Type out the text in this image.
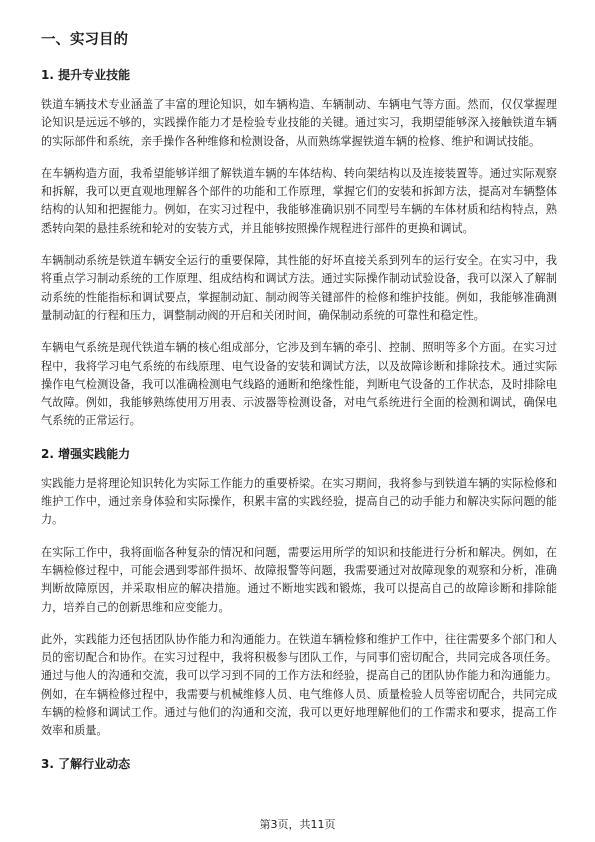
一、实习目的
1. 提升专业技能

铁道车辆技术专业涵盖了丰富的理论知识，如车辆构造、车辆制动、车辆电气等方面。然而，仅仅掌握理论知识是远远不够的，实践操作能力才是检验专业技能的关键。通过实习，我期望能够深入接触铁道车辆的实际部件和系统，亲手操作各种维修和检测设备，从而熟练掌握铁道车辆的检修、维护和调试技能。

在车辆构造方面，我希望能够详细了解铁道车辆的车体结构、转向架结构以及连接装置等。通过实际观察和拆解，我可以更直观地理解各个部件的功能和工作原理，掌握它们的安装和拆卸方法，提高对车辆整体结构的认知和把握能力。例如，在实习过程中，我能够准确识别不同型号车辆的车体材质和结构特点，熟悉转向架的悬挂系统和轮对的安装方式，并且能够按照操作规程进行部件的更换和调试。

车辆制动系统是铁道车辆安全运行的重要保障，其性能的好坏直接关系到列车的运行安全。在实习中，我将重点学习制动系统的工作原理、组成结构和调试方法。通过实际操作制动试验设备，我可以深入了解制动系统的性能指标和调试要点，掌握制动缸、制动阀等关键部件的检修和维护技能。例如，我能够准确测量制动缸的行程和压力，调整制动阀的开启和关闭时间，确保制动系统的可靠性和稳定性。

车辆电气系统是现代铁道车辆的核心组成部分，它涉及到车辆的牵引、控制、照明等多个方面。在实习过程中，我将学习电气系统的布线原理、电气设备的安装和调试方法，以及故障诊断和排除技术。通过实际操作电气检测设备，我可以准确检测电气线路的通断和绝缘性能，判断电气设备的工作状态，及时排除电气故障。例如，我能够熟练使用万用表、示波器等检测设备，对电气系统进行全面的检测和调试，确保电气系统的正常运行。

2. 增强实践能力

实践能力是将理论知识转化为实际工作能力的重要桥梁。在实习期间，我将参与到铁道车辆的实际检修和维护工作中，通过亲身体验和实际操作，积累丰富的实践经验，提高自己的动手能力和解决实际问题的能力。

在实际工作中，我将面临各种复杂的情况和问题，需要运用所学的知识和技能进行分析和解决。例如，在车辆检修过程中，可能会遇到零部件损坏、故障报警等问题，我需要通过对故障现象的观察和分析，准确判断故障原因，并采取相应的解决措施。通过不断地实践和锻炼，我可以提高自己的故障诊断和排除能力，培养自己的创新思维和应变能力。

此外，实践能力还包括团队协作能力和沟通能力。在铁道车辆检修和维护工作中，往往需要多个部门和人员的密切配合和协作。在实习过程中，我将积极参与团队工作，与同事们密切配合，共同完成各项任务。通过与他人的沟通和交流，我可以学习到不同的工作方法和经验，提高自己的团队协作能力和沟通能力。例如，在车辆检修过程中，我需要与机械维修人员、电气维修人员、质量检验人员等密切配合，共同完成车辆的检修和调试工作。通过与他们的沟通和交流，我可以更好地理解他们的工作需求和要求，提高工作效率和质量。

3. 了解行业动态
第3页，共11页
